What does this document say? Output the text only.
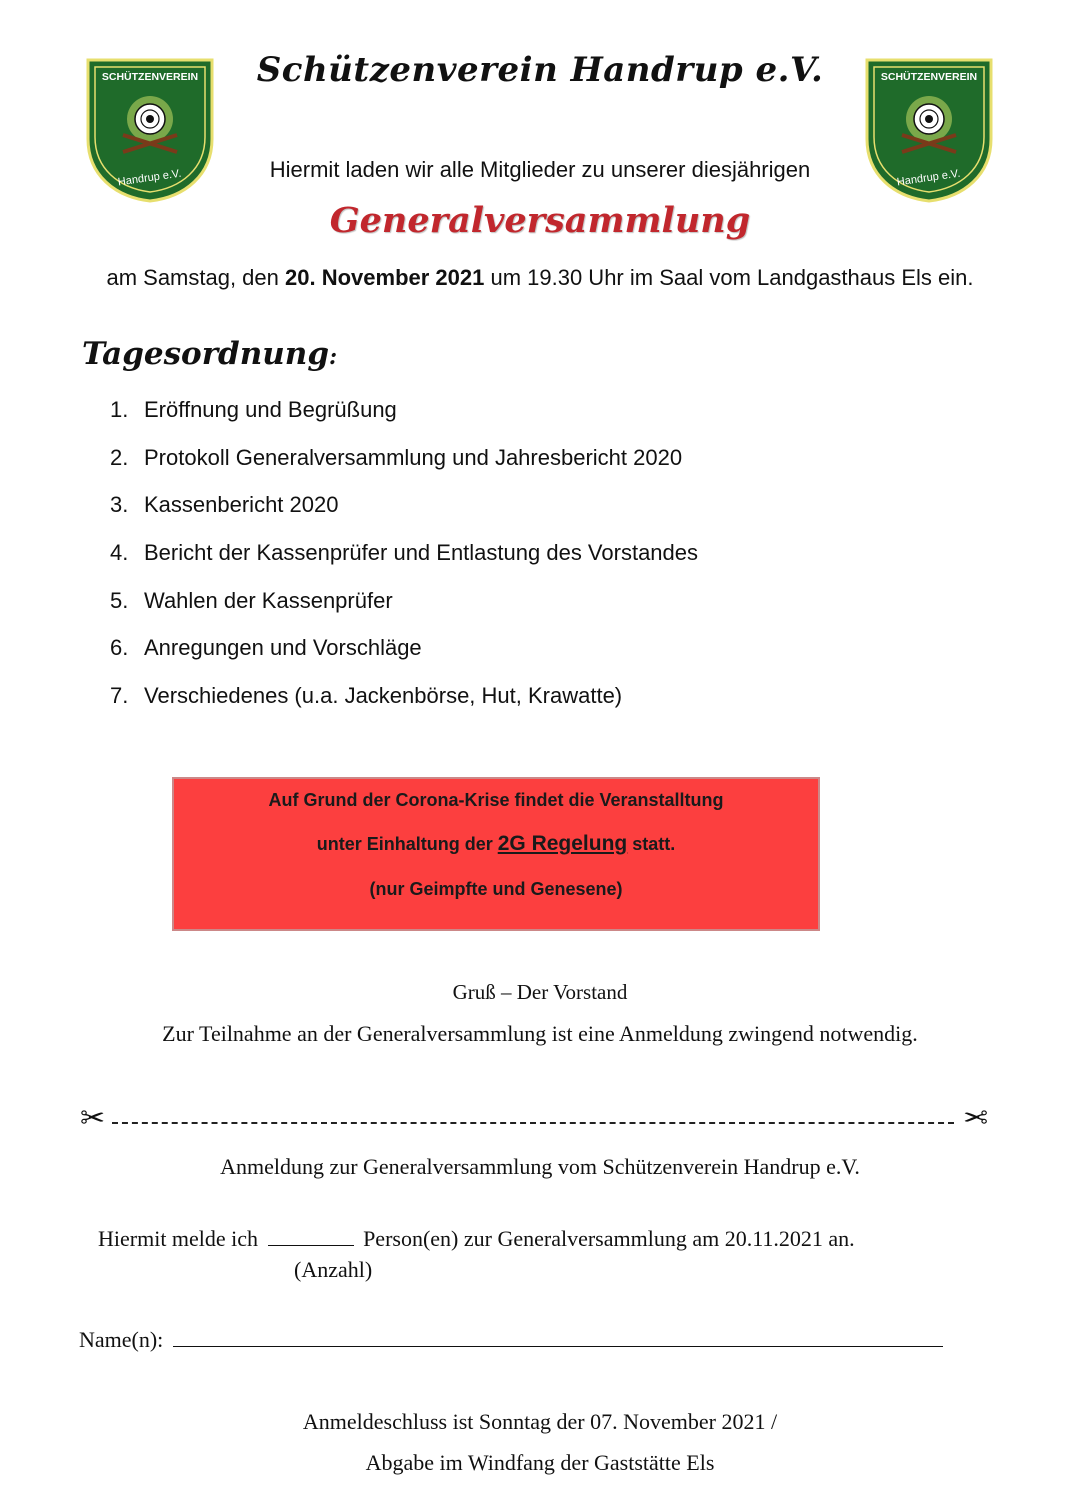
SCHÜTZENVEREIN
Handrup e.V.
SCHÜTZENVEREIN
Handrup e.V.
Schützenverein Handrup e.V.
Hiermit laden wir alle Mitglieder zu unserer diesjährigen
Generalversammlung
am Samstag, den 20. November 2021 um 19.30 Uhr im Saal vom Landgasthaus Els ein.
Tagesordnung:
1. Eröffnung und Begrüßung
2. Protokoll Generalversammlung und Jahresbericht 2020
3. Kassenbericht 2020
4. Bericht der Kassenprüfer und Entlastung des Vorstandes
5. Wahlen der Kassenprüfer
6. Anregungen und Vorschläge
7. Verschiedenes (u.a. Jackenbörse, Hut, Krawatte)
Auf Grund der Corona-Krise findet die Veranstalltung
unter Einhaltung der 2G Regelung statt.
(nur Geimpfte und Genesene)
Gruß – Der Vorstand
Zur Teilnahme an der Generalversammlung ist eine Anmeldung zwingend notwendig.
✂	✂
Anmeldung zur Generalversammlung vom Schützenverein Handrup e.V.
Hiermit melde ich	Person(en) zur Generalversammlung am 20.11.2021 an.
(Anzahl)
Name(n):
Anmeldeschluss ist Sonntag der 07. November 2021 /
Abgabe im Windfang der Gaststätte Els
